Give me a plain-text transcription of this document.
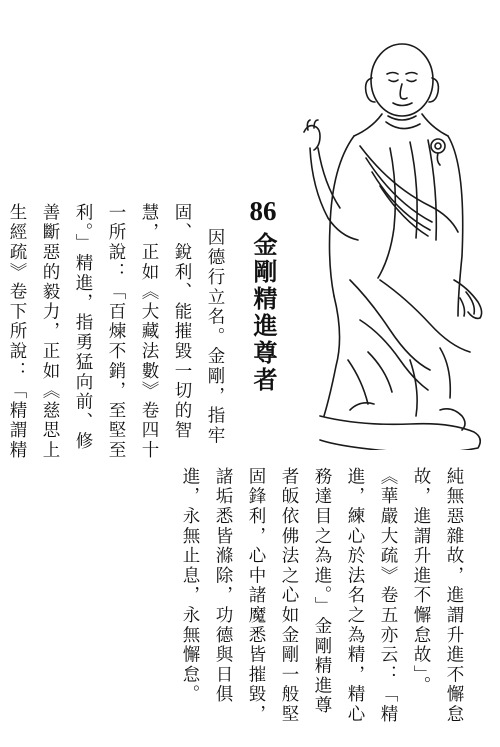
86
金剛精進尊者
因德行立名。金剛，指牢
固、銳利、能摧毀一切的智
慧，正如《大藏法數》卷四十
一所說：「百煉不銷，至堅至
利。」精進，指勇猛向前、修
善斷惡的毅力，正如《慈思上
生經疏》卷下所說：「精謂精
純無惡雜故，進謂升進不懈怠
故，進謂升進不懈怠故」。
《華嚴大疏》卷五亦云：「精
進，練心於法名之為精，精心
務達目之為進。」金剛精進尊
者皈依佛法之心如金剛一般堅
固鋒利，心中諸魔悉皆摧毀，
諸垢悉皆滌除，功德與日俱
進，永無止息，永無懈怠。
